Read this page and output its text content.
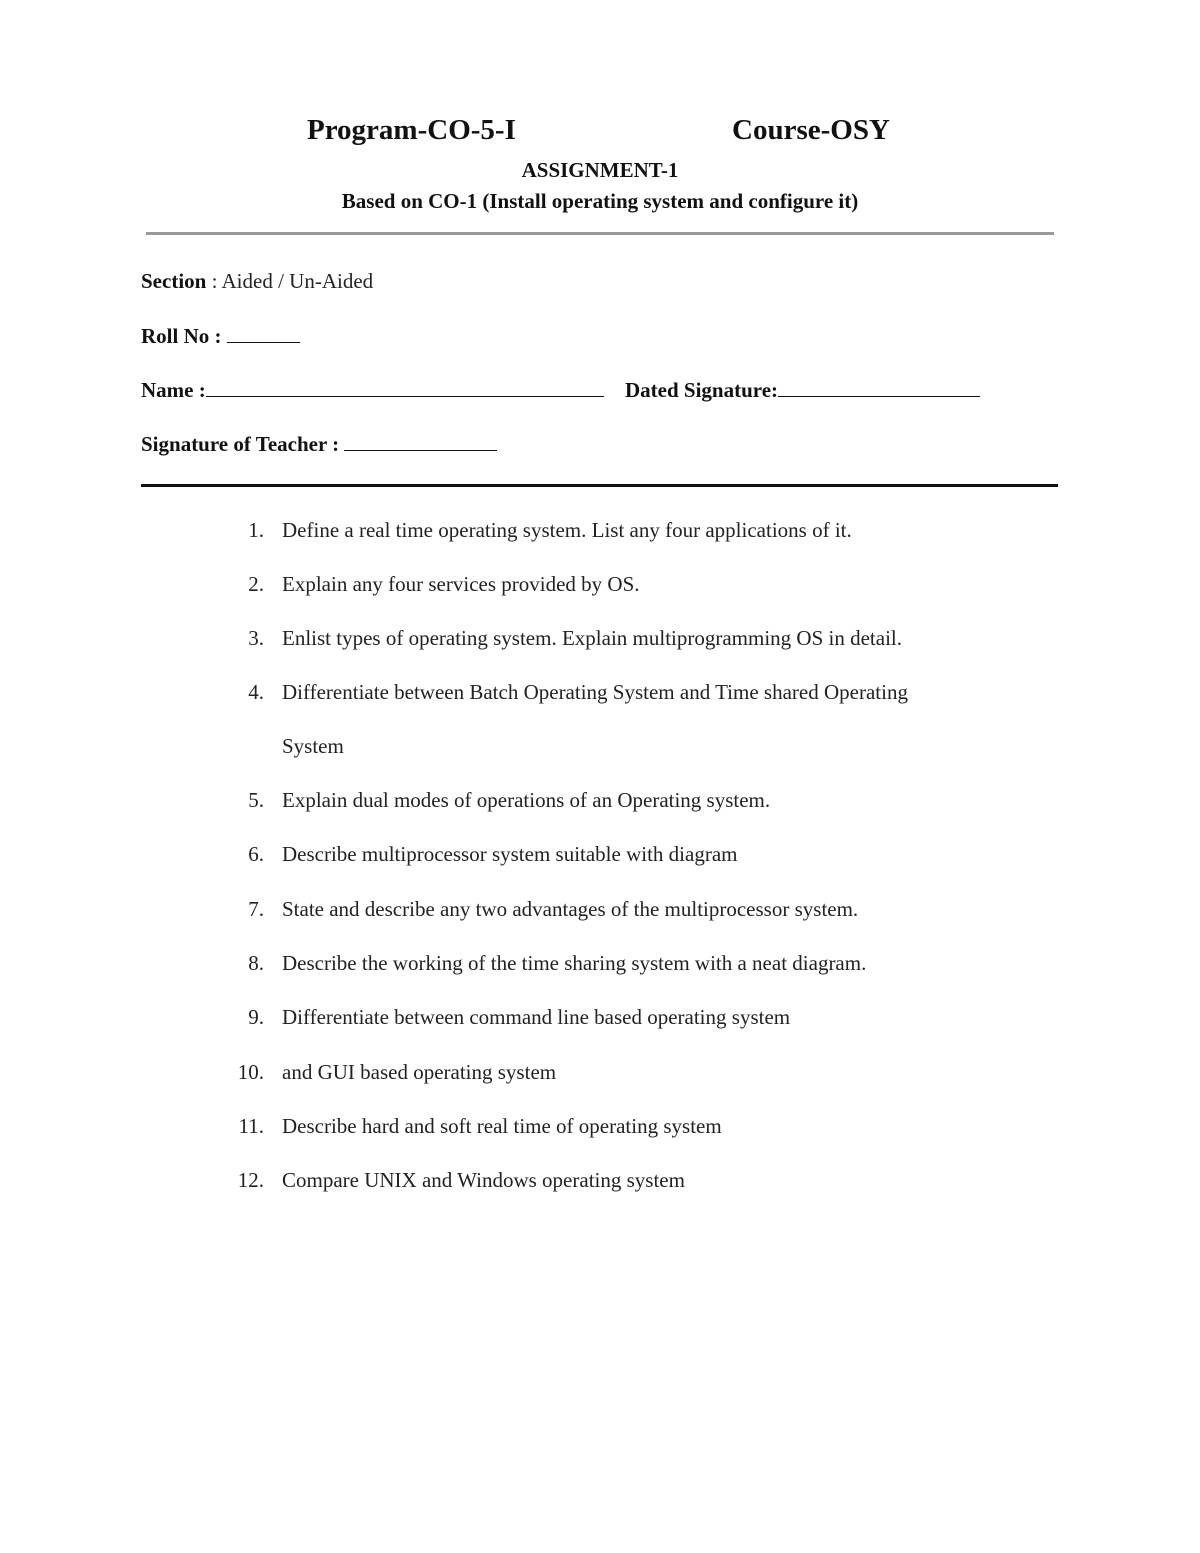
Program-CO-5-I	Course-OSY
ASSIGNMENT-1
Based on CO-1 (Install operating system and configure it)
Section : Aided / Un-Aided
Roll No :
Name :	Dated Signature:
Signature of Teacher :
1. Define a real time operating system. List any four applications of it.
2. Explain any four services provided by OS.
3. Enlist types of operating system. Explain multiprogramming OS in detail.
4. Differentiate between Batch Operating System and Time shared Operating
System
5. Explain dual modes of operations of an Operating system.
6. Describe multiprocessor system suitable with diagram
7. State and describe any two advantages of the multiprocessor system.
8. Describe the working of the time sharing system with a neat diagram.
9. Differentiate between command line based operating system
10. and GUI based operating system
11. Describe hard and soft real time of operating system
12. Compare UNIX and Windows operating system
